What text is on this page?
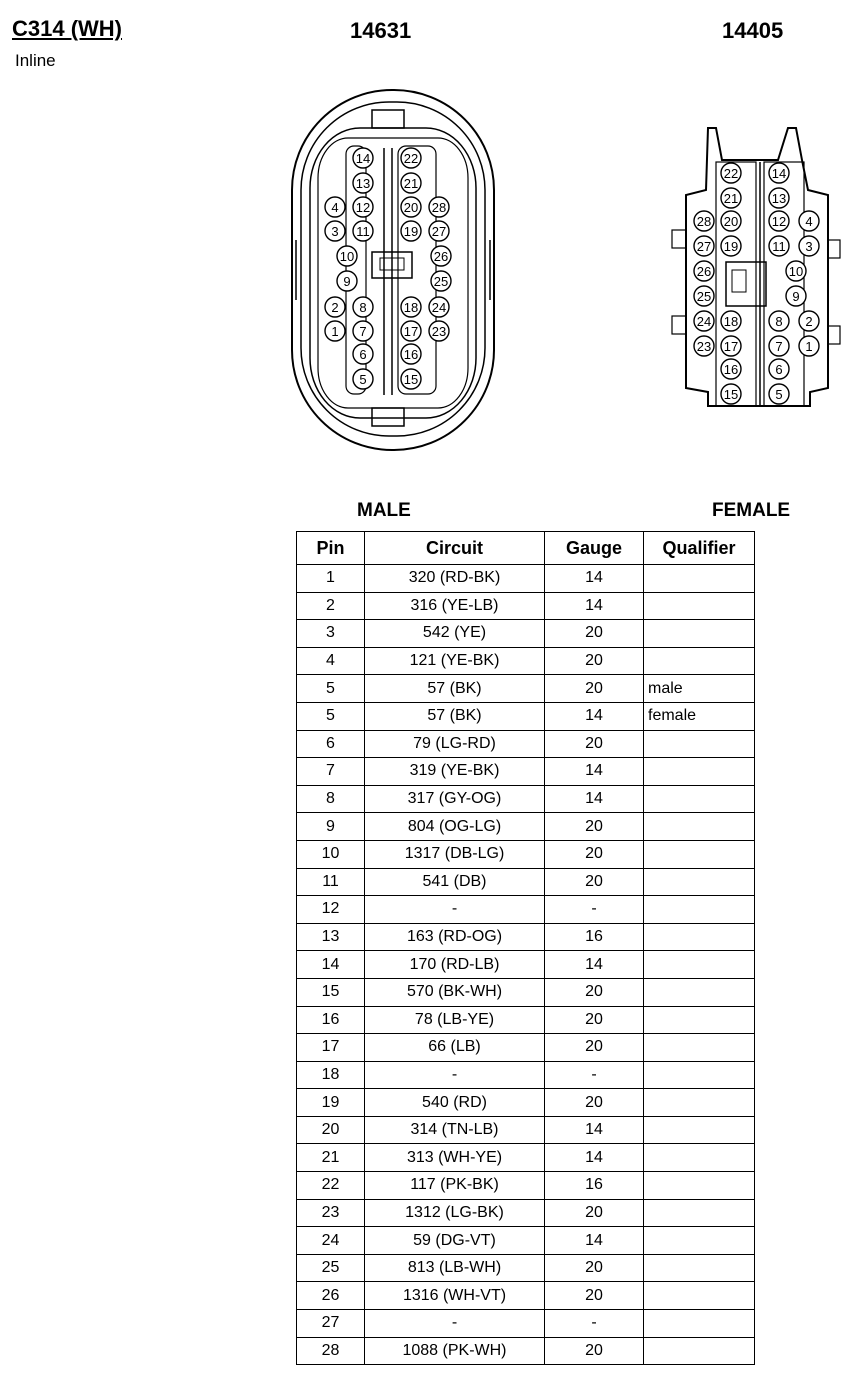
C314 (WH)
Inline
14631	14405
1
2
3
4
5
6
7
8
9
10
11
12
13
14
15
16
17
18
19
20
21
22
23
24
25
26
27
28
1
2
3
4
5
6
7
8
9
10
11
12
13
14
15
16
17
18
19
20
21
22
23
24
25
26
27
28
MALE	FEMALE
Pin	Circuit	Gauge	Qualifier
1	320 (RD-BK)	14	
2	316 (YE-LB)	14	
3	542 (YE)	20	
4	121 (YE-BK)	20	
5	57 (BK)	20	male
5	57 (BK)	14	female
6	79 (LG-RD)	20	
7	319 (YE-BK)	14	
8	317 (GY-OG)	14	
9	804 (OG-LG)	20	
10	1317 (DB-LG)	20	
11	541 (DB)	20	
12	-	-	
13	163 (RD-OG)	16	
14	170 (RD-LB)	14	
15	570 (BK-WH)	20	
16	78 (LB-YE)	20	
17	66 (LB)	20	
18	-	-	
19	540 (RD)	20	
20	314 (TN-LB)	14	
21	313 (WH-YE)	14	
22	117 (PK-BK)	16	
23	1312 (LG-BK)	20	
24	59 (DG-VT)	14	
25	813 (LB-WH)	20	
26	1316 (WH-VT)	20	
27	-	-	
28	1088 (PK-WH)	20	
